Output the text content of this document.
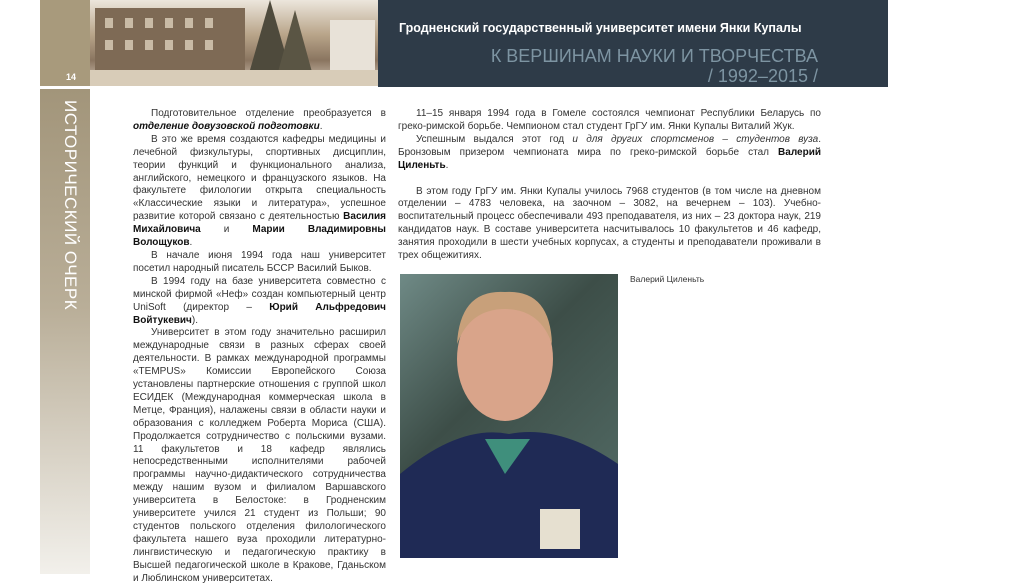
14
ИСТОРИЧЕСКИЙ ОЧЕРК
Гродненский государственный университет имени Янки Купалы
К ВЕРШИНАМ НАУКИ И ТВОРЧЕСТВА
/ 1992–2015 /

Подготовительное отделение преобразуется в отделение довузовской подготовки.

В это же время создаются кафедры медицины и лечебной физкультуры, спортивных дисциплин, теории функций и функционального анализа, английского, немецкого и французского языков. На факультете филологии открыта специальность «Классические языки и литература», успешное развитие которой связано с деятельностью Василия Михайловича и Марии Владимировны Волощуков.

В начале июня 1994 года наш университет посетил народный писатель БССР Василий Быков.

В 1994 году на базе университета совместно с минской фирмой «Неф» создан компьютерный центр UniSoft (директор – Юрий Альфредович Войтукевич).

Университет в этом году значительно расширил международные связи в разных сферах своей деятельности. В рамках международной программы «TEMPUS» Комиссии Европейского Союза установлены партнерские отношения с группой школ ЕСИДЕК (Международная коммерческая школа в Метце, Франция), налажены связи в области науки и образования с колледжем Роберта Мориса (США). Продолжается сотрудничество с польскими вузами. 11 факультетов и 18 кафедр являлись непосредственными исполнителями рабочей программы научно-дидактического сотрудничества между нашим вузом и филиалом Варшавского университета в Белостоке: в Гродненским университете учился 21 студент из Польши; 90 студентов польского отделения филологического факультета нашего вуза проходили литературно-лингвистическую и педагогическую практику в Высшей педагогической школе в Кракове, Гданьском и Люблинском университетах.

11–15 января 1994 года в Гомеле состоялся чемпионат Республики Беларусь по греко-римской борьбе. Чемпионом стал студент ГрГУ им. Янки Купалы Виталий Жук.

Успешным выдался этот год и для других спортсменов – студентов вуза. Бронзовым призером чемпионата мира по греко-римской борьбе стал Валерий Циленьть.

В этом году ГрГУ им. Янки Купалы училось 7968 студентов (в том числе на дневном отделении – 4783 человека, на заочном – 3082, на вечернем – 103). Учебно-воспитательный процесс обеспечивали 493 преподавателя, из них – 23 доктора наук, 219 кандидатов наук. В составе университета насчитывалось 10 факультетов и 46 кафедр, занятия проходили в шести учебных корпусах, а студенты и преподаватели проживали в трех общежитиях.

Валерий Циленьть
